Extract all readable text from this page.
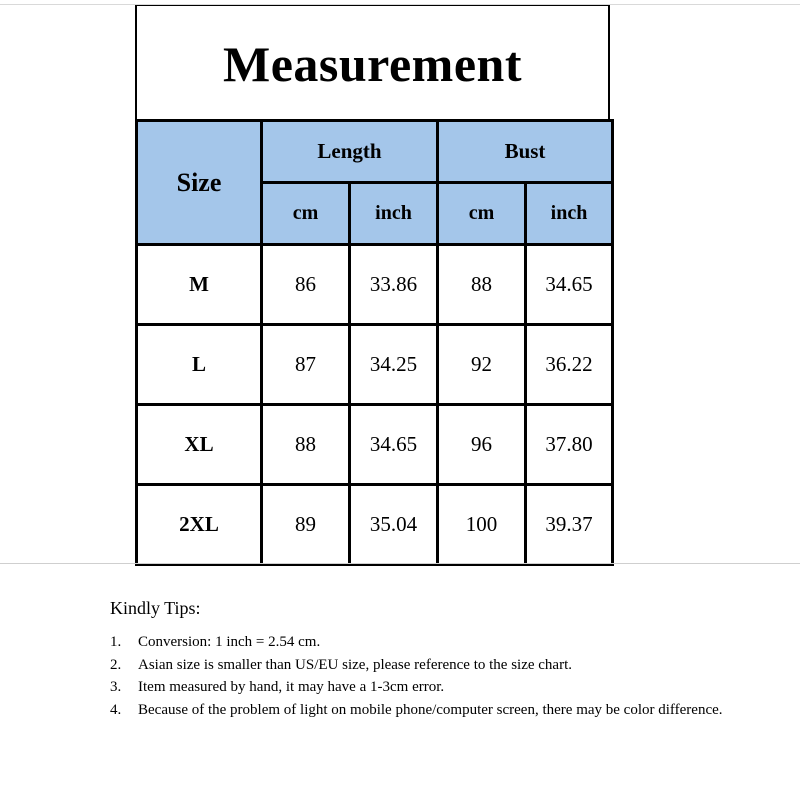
Measurement
Size	Length		Bust	
	cm	inch	cm	inch
M	86	33.86	88	34.65
L	87	34.25	92	36.22
XL	88	34.65	96	37.80
2XL	89	35.04	100	39.37
Kindly Tips:
1.	Conversion: 1 inch = 2.54 cm.
2.	Asian size is smaller than US/EU size, please reference to the size chart.
3.	Item measured by hand, it may have a 1-3cm error.
4.	Because of the problem of light on mobile phone/computer screen, there may be color difference.
